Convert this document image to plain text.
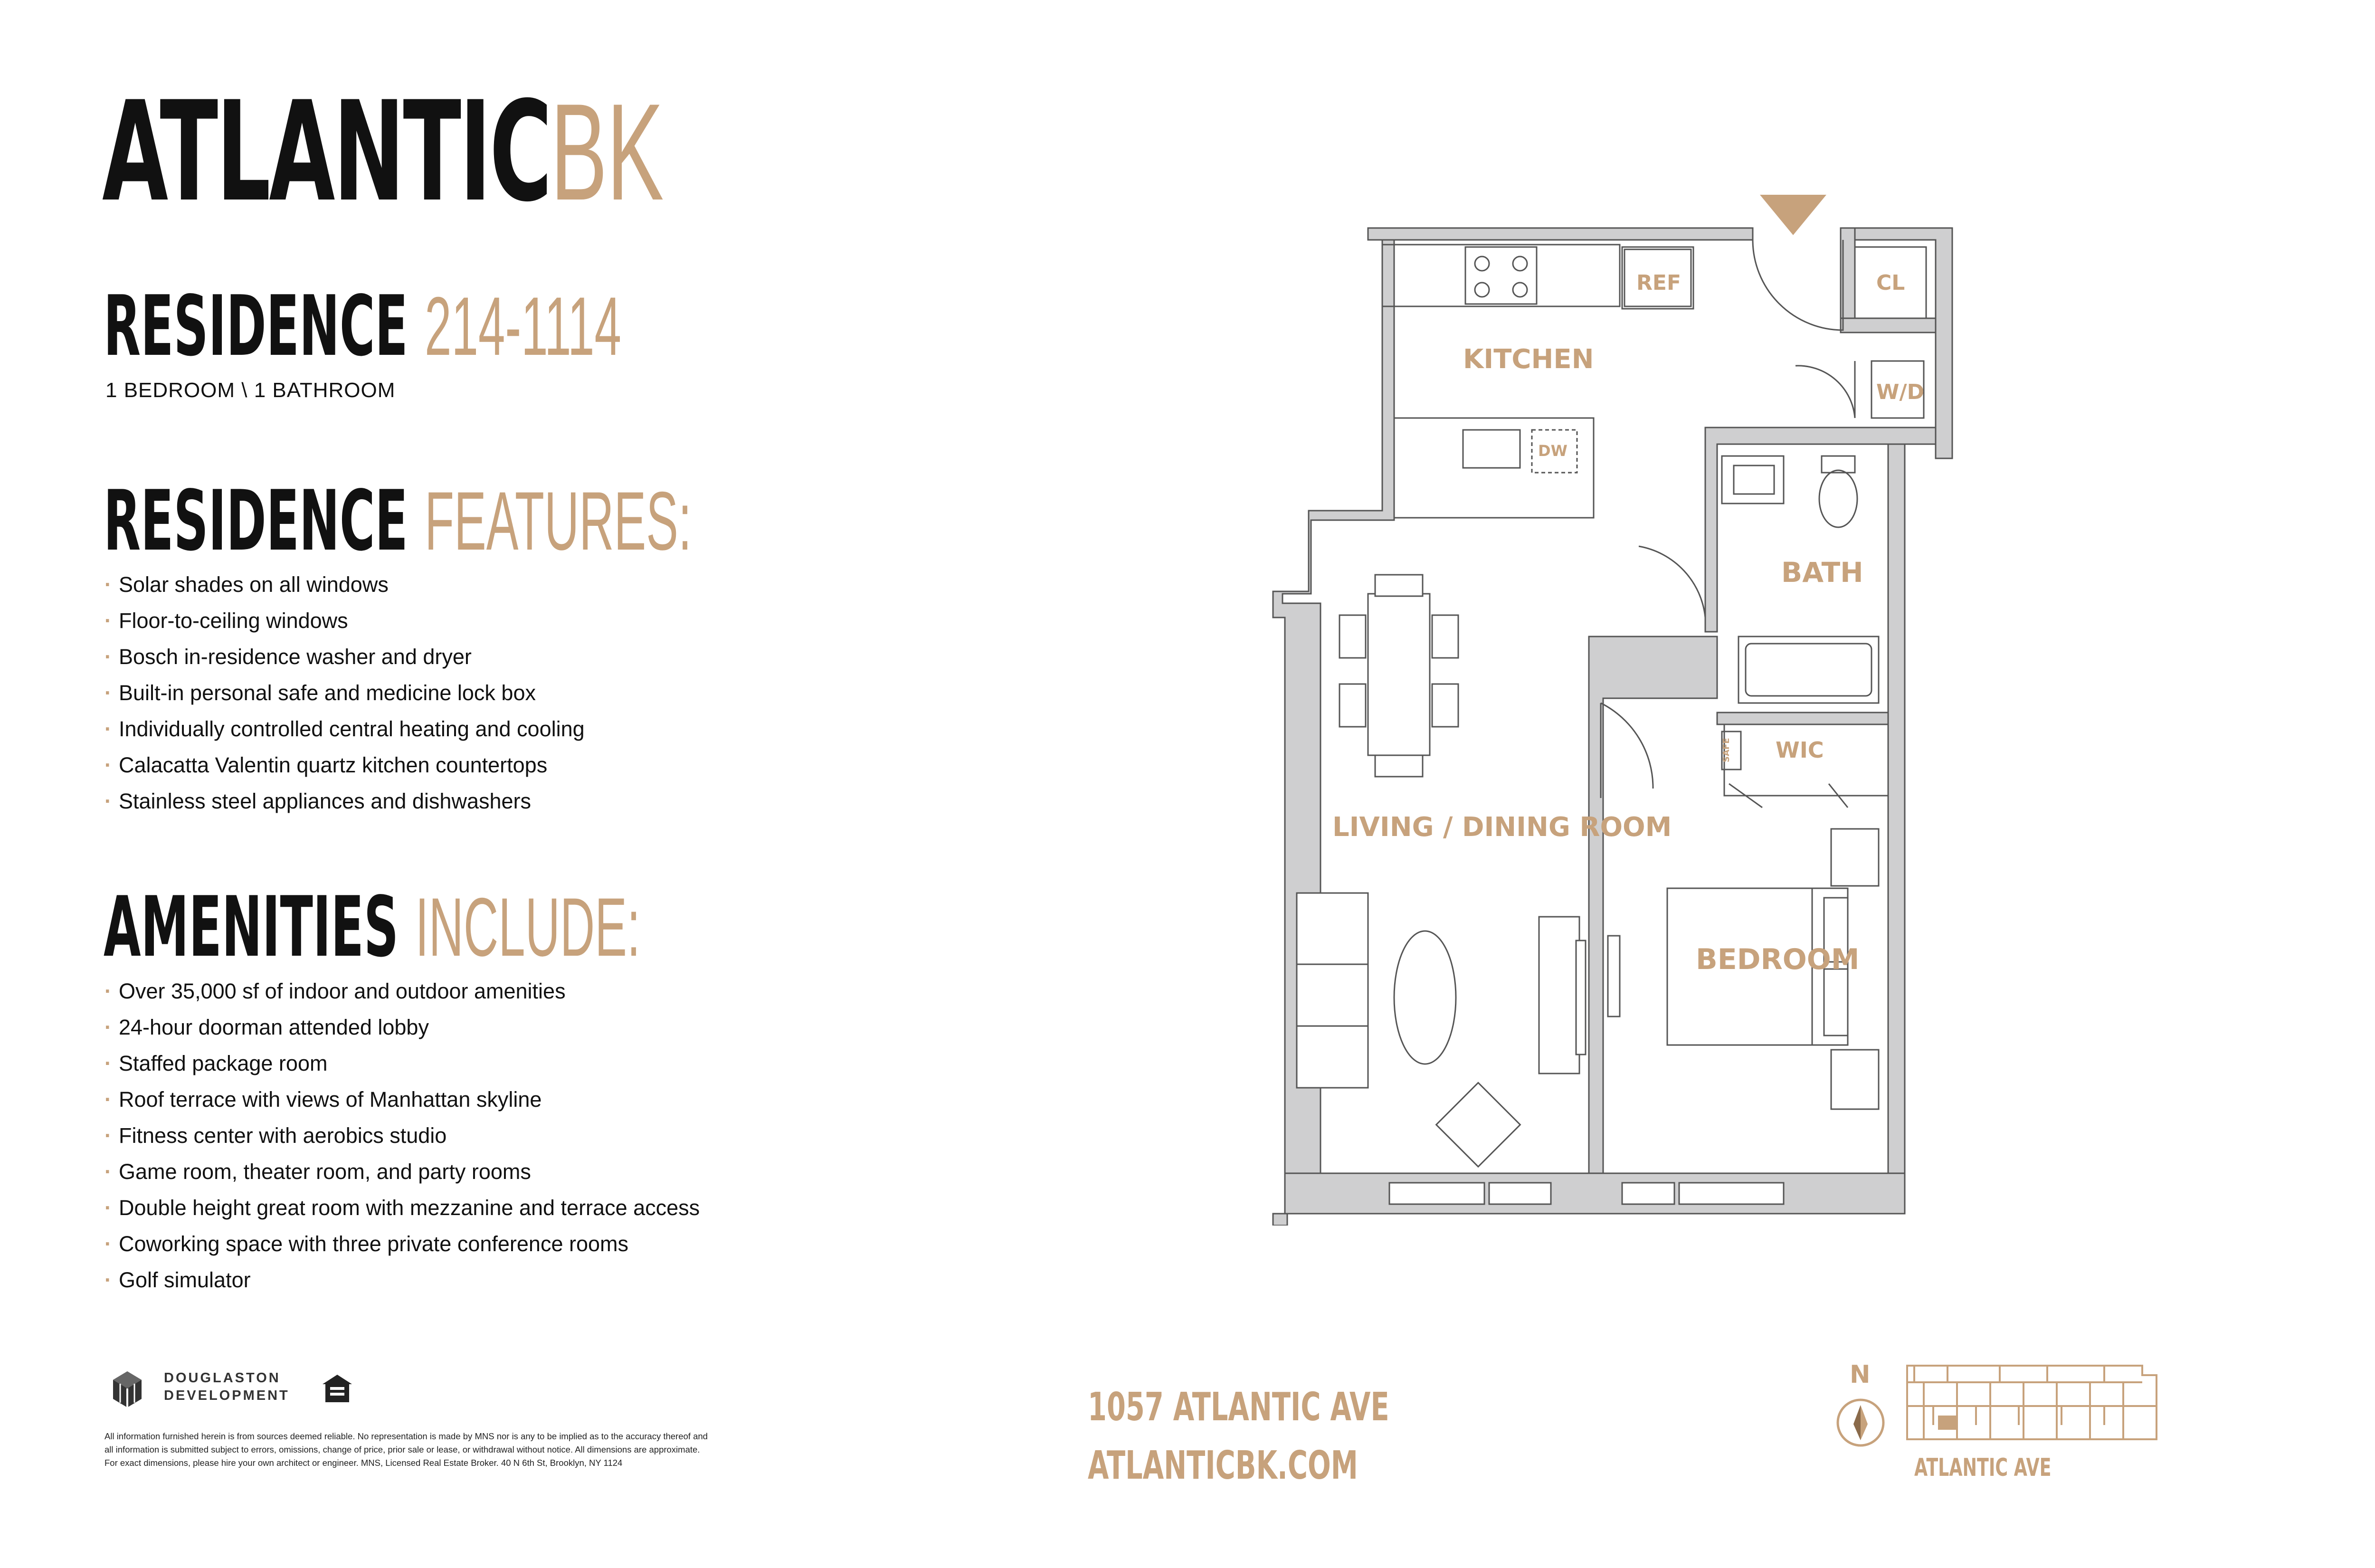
ATLANTICBK
RESIDENCE 214-1114
1 BEDROOM \ 1 BATHROOM
RESIDENCE FEATURES:
· Solar shades on all windows
· Floor-to-ceiling windows
· Bosch in-residence washer and dryer
· Built-in personal safe and medicine lock box
· Individually controlled central heating and cooling
· Calacatta Valentin quartz kitchen countertops
· Stainless steel appliances and dishwashers
AMENITIES INCLUDE:
· Over 35,000 sf of indoor and outdoor amenities
· 24-hour doorman attended lobby
· Staffed package room
· Roof terrace with views of Manhattan skyline
· Fitness center with aerobics studio
· Game room, theater room, and party rooms
· Double height great room with mezzanine and terrace access
· Coworking space with three private conference rooms
· Golf simulator
DOUGLASTON
DEVELOPMENT
All information furnished herein is from sources deemed reliable. No representation is made by MNS nor is any to be implied as to the accuracy thereof and all information is submitted subject to errors, omissions, change of price, prior sale or lease, or withdrawal without notice. All dimensions are approximate. For exact dimensions, please hire your own architect or engineer. MNS, Licensed Real Estate Broker. 40 N 6th St, Brooklyn, NY 1124
1057 ATLANTIC AVE
ATLANTICBK.COM
N
ATLANTIC AVE
KITCHEN
REF
DW
CL
W/D
BATH
WIC
SAFE
LIVING / DINING ROOM
BEDROOM
